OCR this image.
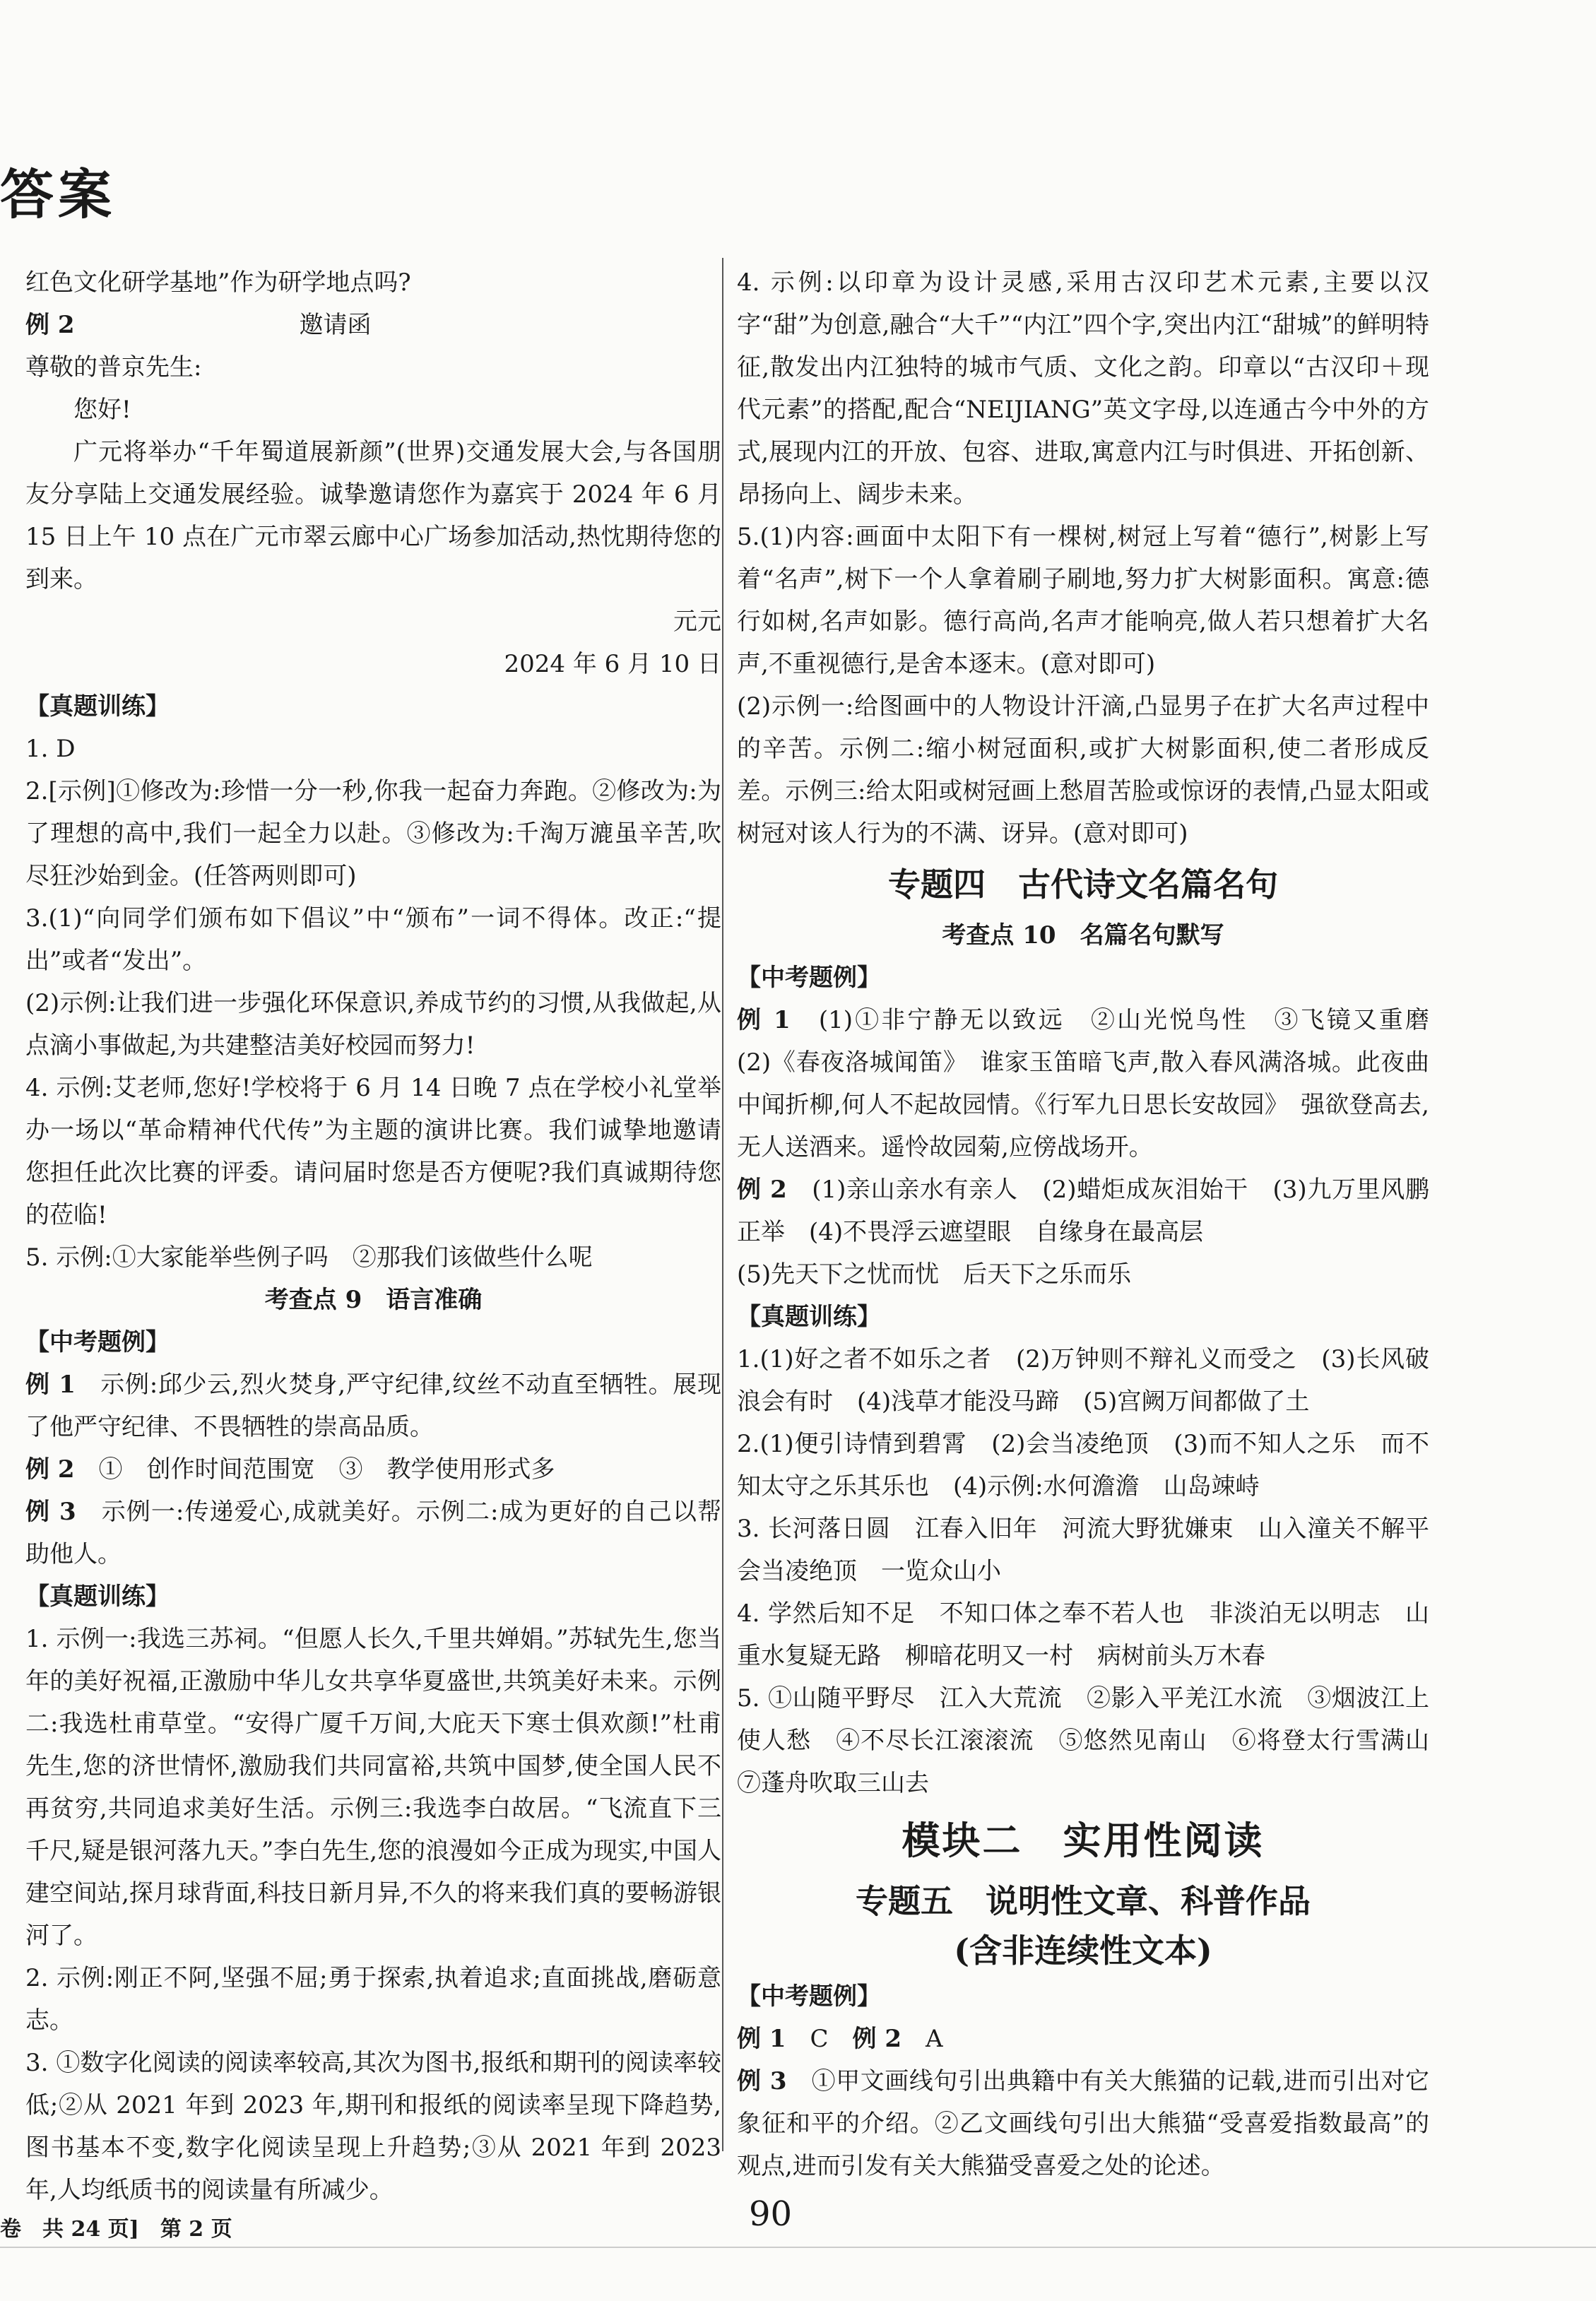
答案

红色文化研学基地”作为研学地点吗?

例 2	邀请函

尊敬的普京先生:

您好!

广元将举办“千年蜀道展新颜”(世界)交通发展大会,与各国朋友分享陆上交通发展经验。诚挚邀请您作为嘉宾于 2024 年 6 月 15 日上午 10 点在广元市翠云廊中心广场参加活动,热忱期待您的到来。

元元

2024 年 6 月 10 日

【真题训练】

1. D

2.[示例]①修改为:珍惜一分一秒,你我一起奋力奔跑。②修改为:为了理想的高中,我们一起全力以赴。③修改为:千淘万漉虽辛苦,吹尽狂沙始到金。(任答两则即可)

3.(1)“向同学们颁布如下倡议”中“颁布”一词不得体。改正:“提出”或者“发出”。

(2)示例:让我们进一步强化环保意识,养成节约的习惯,从我做起,从点滴小事做起,为共建整洁美好校园而努力!

4. 示例:艾老师,您好!学校将于 6 月 14 日晚 7 点在学校小礼堂举办一场以“革命精神代代传”为主题的演讲比赛。我们诚挚地邀请您担任此次比赛的评委。请问届时您是否方便呢?我们真诚期待您的莅临!

5. 示例:①大家能举些例子吗　②那我们该做些什么呢

考查点 9　语言准确

【中考题例】

例 1　 示例:邱少云,烈火焚身,严守纪律,纹丝不动直至牺牲。展现了他严守纪律、不畏牺牲的崇高品质。

例 2　 ①　创作时间范围宽　③　教学使用形式多

例 3　 示例一:传递爱心,成就美好。示例二:成为更好的自己以帮助他人。

【真题训练】

1. 示例一:我选三苏祠。“但愿人长久,千里共婵娟。”苏轼先生,您当年的美好祝福,正激励中华儿女共享华夏盛世,共筑美好未来。示例二:我选杜甫草堂。“安得广厦千万间,大庇天下寒士俱欢颜!”杜甫先生,您的济世情怀,激励我们共同富裕,共筑中国梦,使全国人民不再贫穷,共同追求美好生活。示例三:我选李白故居。“飞流直下三千尺,疑是银河落九天。”李白先生,您的浪漫如今正成为现实,中国人建空间站,探月球背面,科技日新月异,不久的将来我们真的要畅游银河了。

2. 示例:刚正不阿,坚强不屈;勇于探索,执着追求;直面挑战,磨砺意志。

3. ①数字化阅读的阅读率较高,其次为图书,报纸和期刊的阅读率较低;②从 2021 年到 2023 年,期刊和报纸的阅读率呈现下降趋势,图书基本不变,数字化阅读呈现上升趋势;③从 2021 年到 2023 年,人均纸质书的阅读量有所减少。

4. 示例:以印章为设计灵感,采用古汉印艺术元素,主要以汉字“甜”为创意,融合“大千”“内江”四个字,突出内江“甜城”的鲜明特征,散发出内江独特的城市气质、文化之韵。印章以“古汉印＋现代元素”的搭配,配合“NEIJIANG”英文字母,以连通古今中外的方式,展现内江的开放、包容、进取,寓意内江与时俱进、开拓创新、昂扬向上、阔步未来。

5.(1)内容:画面中太阳下有一棵树,树冠上写着“德行”,树影上写着“名声”,树下一个人拿着刷子刷地,努力扩大树影面积。寓意:德行如树,名声如影。德行高尚,名声才能响亮,做人若只想着扩大名声,不重视德行,是舍本逐末。(意对即可)

(2)示例一:给图画中的人物设计汗滴,凸显男子在扩大名声过程中的辛苦。示例二:缩小树冠面积,或扩大树影面积,使二者形成反差。示例三:给太阳或树冠画上愁眉苦脸或惊讶的表情,凸显太阳或树冠对该人行为的不满、讶异。(意对即可)

专题四　古代诗文名篇名句

考查点 10　名篇名句默写

【中考题例】

例 1　 (1)①非宁静无以致远　②山光悦鸟性　③飞镜又重磨　(2)《春夜洛城闻笛》　谁家玉笛暗飞声,散入春风满洛城。此夜曲中闻折柳,何人不起故园情。《行军九日思长安故园》　强欲登高去,无人送酒来。遥怜故园菊,应傍战场开。

例 2　 (1)亲山亲水有亲人　(2)蜡炬成灰泪始干　(3)九万里风鹏正举　(4)不畏浮云遮望眼　自缘身在最高层

(5)先天下之忧而忧　后天下之乐而乐

【真题训练】

1.(1)好之者不如乐之者　(2)万钟则不辩礼义而受之　(3)长风破浪会有时　(4)浅草才能没马蹄　(5)宫阙万间都做了土

2.(1)便引诗情到碧霄　(2)会当凌绝顶　(3)而不知人之乐　而不知太守之乐其乐也　(4)示例:水何澹澹　山岛竦峙

3. 长河落日圆　江春入旧年　河流大野犹嫌束　山入潼关不解平　会当凌绝顶　一览众山小

4. 学然后知不足　不知口体之奉不若人也　非淡泊无以明志　山重水复疑无路　柳暗花明又一村　病树前头万木春

5. ①山随平野尽　江入大荒流　②影入平羌江水流　③烟波江上使人愁　④不尽长江滚滚流　⑤悠然见南山　⑥将登太行雪满山　⑦蓬舟吹取三山去

模块二　实用性阅读

专题五　说明性文章、科普作品

(含非连续性文本)

【中考题例】

例 1　 C　 例 2　 A

例 3　 ①甲文画线句引出典籍中有关大熊猫的记载,进而引出对它象征和平的介绍。②乙文画线句引出大熊猫“受喜爱指数最高”的观点,进而引发有关大熊猫受喜爱之处的论述。

卷　共 24 页]　第 2 页	90
